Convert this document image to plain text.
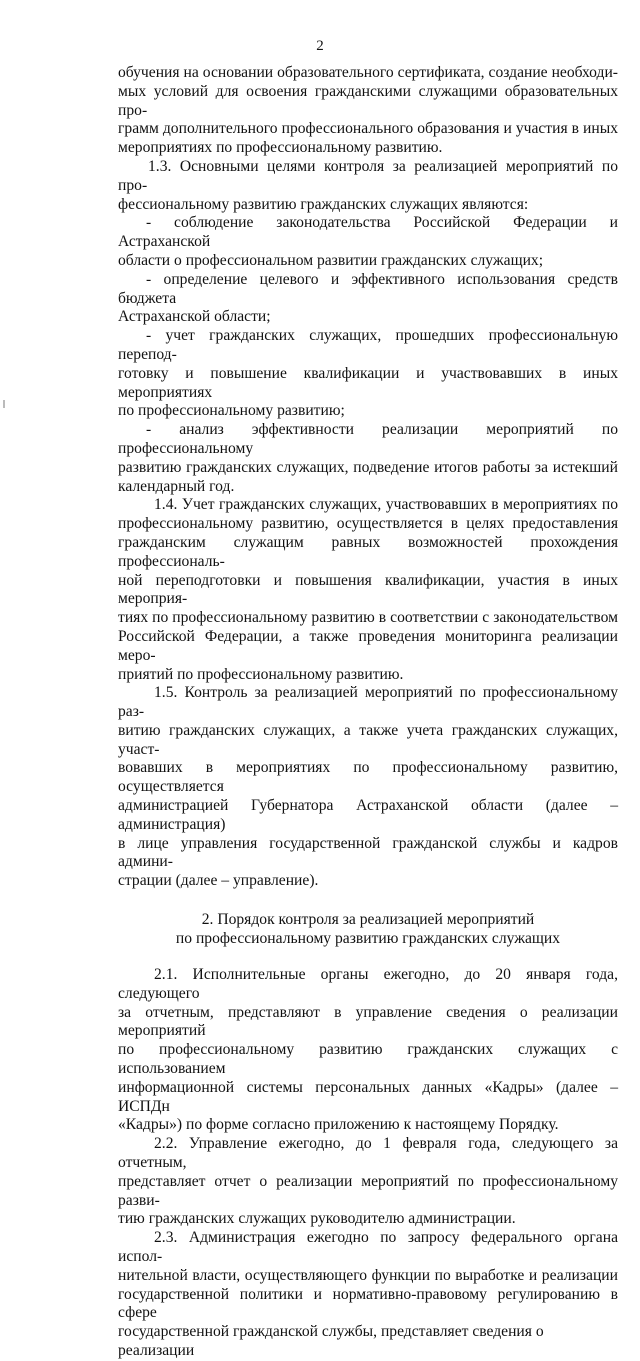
2
обучения на основании образовательного сертификата, создание необходи-
мых условий для освоения гражданскими служащими образовательных про-
грамм дополнительного профессионального образования и участия в иных
мероприятиях по профессиональному развитию.
1.3. Основными целями контроля за реализацией мероприятий по про-
фессиональному развитию гражданских служащих являются:
- соблюдение законодательства Российской Федерации и Астраханской
области о профессиональном развитии гражданских служащих;
- определение целевого и эффективного использования средств бюджета
Астраханской области;
- учет гражданских служащих, прошедших профессиональную перепод-
готовку и повышение квалификации и участвовавших в иных мероприятиях
по профессиональному развитию;
- анализ эффективности реализации мероприятий по профессиональному
развитию гражданских служащих, подведение итогов работы за истекший
календарный год.
1.4. Учет гражданских служащих, участвовавших в мероприятиях по
профессиональному развитию, осуществляется в целях предоставления
гражданским служащим равных возможностей прохождения профессиональ-
ной переподготовки и повышения квалификации, участия в иных мероприя-
тиях по профессиональному развитию в соответствии с законодательством
Российской Федерации, а также проведения мониторинга реализации меро-
приятий по профессиональному развитию.
1.5. Контроль за реализацией мероприятий по профессиональному раз-
витию гражданских служащих, а также учета гражданских служащих, участ-
вовавших в мероприятиях по профессиональному развитию, осуществляется
администрацией Губернатора Астраханской области (далее – администрация)
в лице управления государственной гражданской службы и кадров админи-
страции (далее – управление).
2. Порядок контроля за реализацией мероприятий
по профессиональному развитию гражданских служащих
2.1. Исполнительные органы ежегодно, до 20 января года, следующего
за отчетным, представляют в управление сведения о реализации мероприятий
по профессиональному развитию гражданских служащих с использованием
информационной системы персональных данных «Кадры» (далее – ИСПДн
«Кадры») по форме согласно приложению к настоящему Порядку.
2.2. Управление ежегодно, до 1 февраля года, следующего за отчетным,
представляет отчет о реализации мероприятий по профессиональному разви-
тию гражданских служащих руководителю администрации.
2.3. Администрация ежегодно по запросу федерального органа испол-
нительной власти, осуществляющего функции по выработке и реализации
государственной политики и нормативно-правовому регулированию в сфере
государственной гражданской службы, представляет сведения о реализации
